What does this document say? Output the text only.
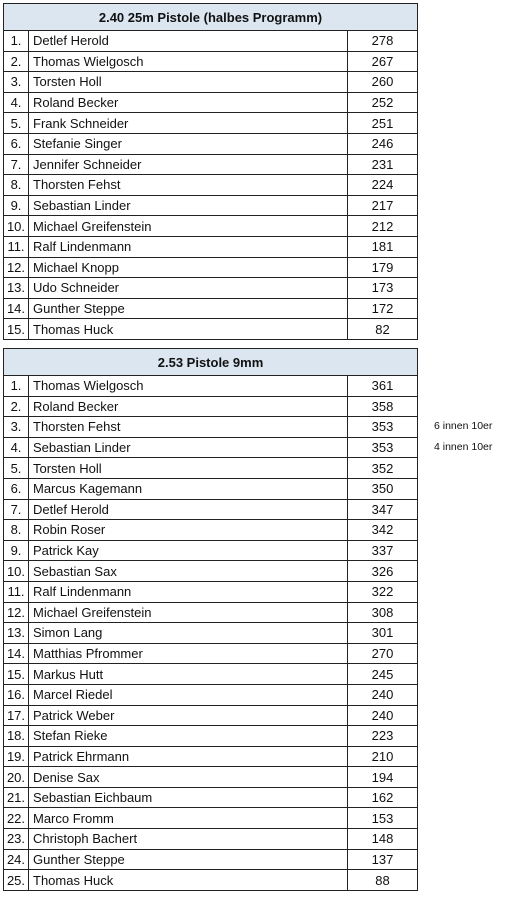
2.40 25m Pistole (halbes Programm)		
1.	Detlef Herold	278
2.	Thomas Wielgosch	267
3.	Torsten Holl	260
4.	Roland Becker	252
5.	Frank Schneider	251
6.	Stefanie Singer	246
7.	Jennifer Schneider	231
8.	Thorsten Fehst	224
9.	Sebastian Linder	217
10.	Michael Greifenstein	212
11.	Ralf Lindenmann	181
12.	Michael Knopp	179
13.	Udo Schneider	173
14.	Gunther Steppe	172
15.	Thomas Huck	82
2.53 Pistole 9mm		
1.	Thomas Wielgosch	361
2.	Roland Becker	358
3.	Thorsten Fehst	353
4.	Sebastian Linder	353
5.	Torsten Holl	352
6.	Marcus Kagemann	350
7.	Detlef Herold	347
8.	Robin Roser	342
9.	Patrick Kay	337
10.	Sebastian Sax	326
11.	Ralf Lindenmann	322
12.	Michael Greifenstein	308
13.	Simon Lang	301
14.	Matthias Pfrommer	270
15.	Markus Hutt	245
16.	Marcel Riedel	240
17.	Patrick Weber	240
18.	Stefan Rieke	223
19.	Patrick Ehrmann	210
20.	Denise Sax	194
21.	Sebastian Eichbaum	162
22.	Marco Fromm	153
23.	Christoph Bachert	148
24.	Gunther Steppe	137
25.	Thomas Huck	88
6 innen 10er
4 innen 10er
